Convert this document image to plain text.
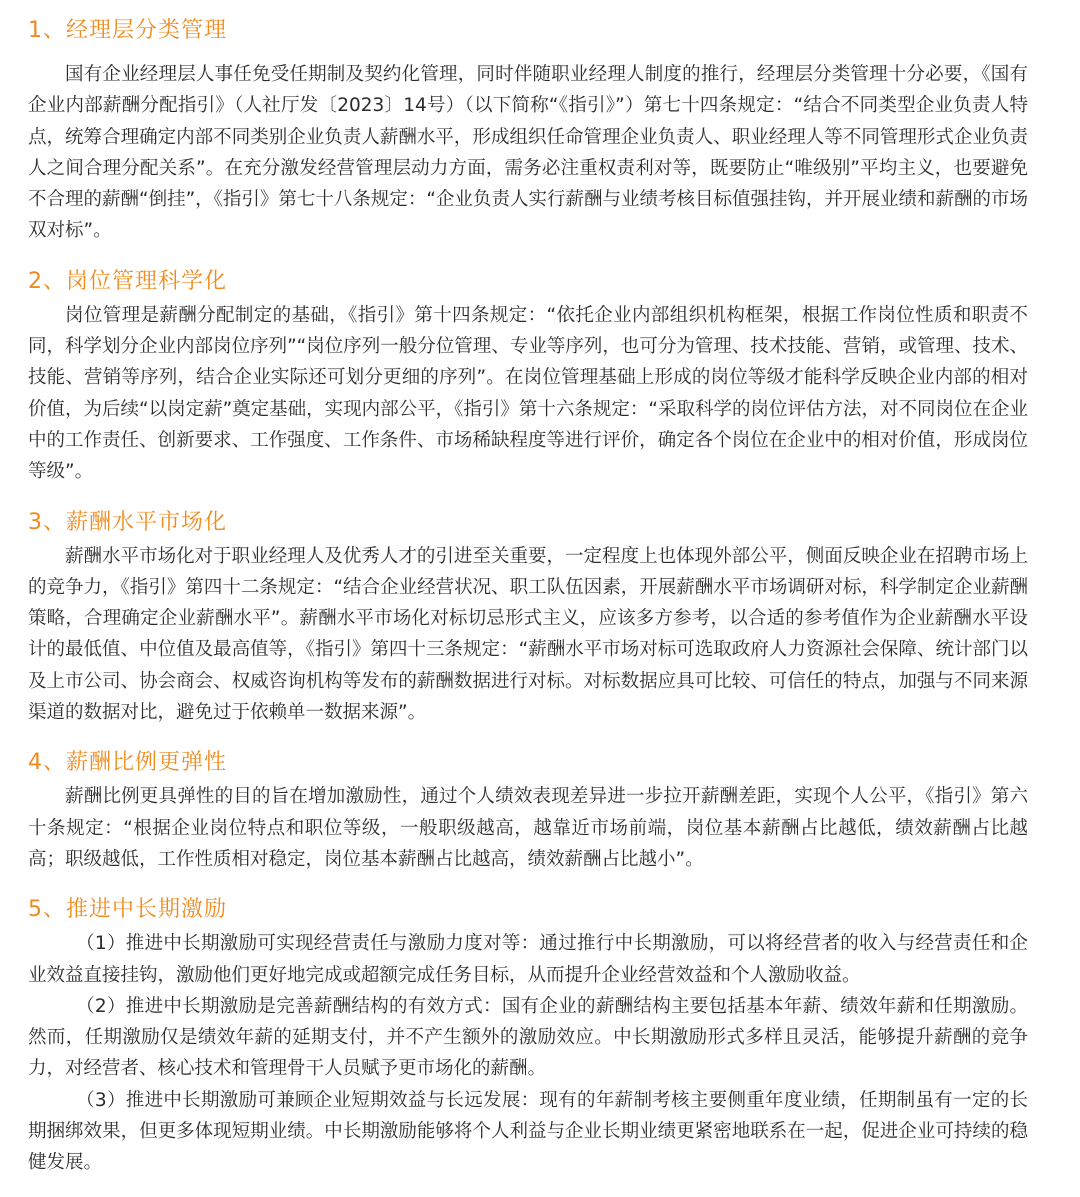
1、经理层分类管理

国有企业经理层人事任免受任期制及契约化管理，同时伴随职业经理人制度的推行，经理层分类管理十分必要，《国有企业内部薪酬分配指引》（人社厅发〔2023〕14号）（以下简称“《指引》”）第七十四条规定：“结合不同类型企业负责人特点，统筹合理确定内部不同类别企业负责人薪酬水平，形成组织任命管理企业负责人、职业经理人等不同管理形式企业负责人之间合理分配关系”。在充分激发经营管理层动力方面，需务必注重权责利对等，既要防止“唯级别”平均主义，也要避免不合理的薪酬“倒挂”，《指引》第七十八条规定：“企业负责人实行薪酬与业绩考核目标值强挂钩，并开展业绩和薪酬的市场双对标”。

2、岗位管理科学化

岗位管理是薪酬分配制定的基础，《指引》第十四条规定：“依托企业内部组织机构框架，根据工作岗位性质和职责不同，科学划分企业内部岗位序列”“岗位序列一般分位管理、专业等序列，也可分为管理、技术技能、营销，或管理、技术、技能、营销等序列，结合企业实际还可划分更细的序列”。在岗位管理基础上形成的岗位等级才能科学反映企业内部的相对价值，为后续“以岗定薪”奠定基础，实现内部公平，《指引》第十六条规定：“采取科学的岗位评估方法，对不同岗位在企业中的工作责任、创新要求、工作强度、工作条件、市场稀缺程度等进行评价，确定各个岗位在企业中的相对价值，形成岗位等级”。

3、薪酬水平市场化

薪酬水平市场化对于职业经理人及优秀人才的引进至关重要，一定程度上也体现外部公平，侧面反映企业在招聘市场上的竞争力，《指引》第四十二条规定：“结合企业经营状况、职工队伍因素，开展薪酬水平市场调研对标，科学制定企业薪酬策略，合理确定企业薪酬水平”。薪酬水平市场化对标切忌形式主义，应该多方参考，以合适的参考值作为企业薪酬水平设计的最低值、中位值及最高值等，《指引》第四十三条规定：“薪酬水平市场对标可选取政府人力资源社会保障、统计部门以及上市公司、协会商会、权威咨询机构等发布的薪酬数据进行对标。对标数据应具可比较、可信任的特点，加强与不同来源渠道的数据对比，避免过于依赖单一数据来源”。

4、薪酬比例更弹性

薪酬比例更具弹性的目的旨在增加激励性，通过个人绩效表现差异进一步拉开薪酬差距，实现个人公平，《指引》第六十条规定：“根据企业岗位特点和职位等级，一般职级越高，越靠近市场前端，岗位基本薪酬占比越低，绩效薪酬占比越高；职级越低，工作性质相对稳定，岗位基本薪酬占比越高，绩效薪酬占比越小”。

5、推进中长期激励

（1）推进中长期激励可实现经营责任与激励力度对等：通过推行中长期激励，可以将经营者的收入与经营责任和企业效益直接挂钩，激励他们更好地完成或超额完成任务目标，从而提升企业经营效益和个人激励收益。

（2）推进中长期激励是完善薪酬结构的有效方式：国有企业的薪酬结构主要包括基本年薪、绩效年薪和任期激励。然而，任期激励仅是绩效年薪的延期支付，并不产生额外的激励效应。中长期激励形式多样且灵活，能够提升薪酬的竞争力，对经营者、核心技术和管理骨干人员赋予更市场化的薪酬。

（3）推进中长期激励可兼顾企业短期效益与长远发展：现有的年薪制考核主要侧重年度业绩，任期制虽有一定的长期捆绑效果，但更多体现短期业绩。中长期激励能够将个人利益与企业长期业绩更紧密地联系在一起，促进企业可持续的稳健发展。
